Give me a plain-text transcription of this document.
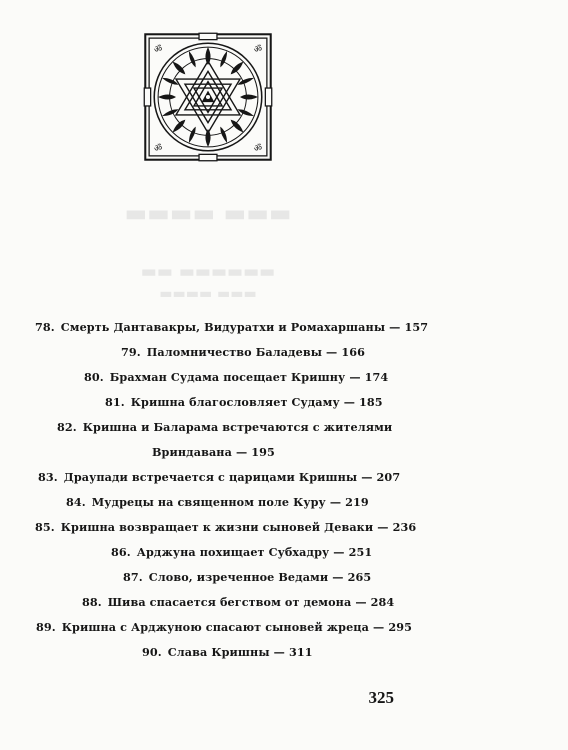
▬▬▬▬ ▬▬▬
▬▬ ▬▬▬▬▬▬
▬▬▬▬ ▬▬▬
ॐ	ॐ
ॐ	ॐ
78. Смерть Дантавакры, Видуратхи и Ромахаршаны — 157
79. Паломничество Баладевы — 166
80. Брахман Судама посещает Кришну — 174
81. Кришна благословляет Судаму — 185
82. Кришна и Баларама встречаются с жителями
Вриндавана — 195
83. Драупади встречается с царицами Кришны — 207
84. Мудрецы на священном поле Куру — 219
85. Кришна возвращает к жизни сыновей Деваки — 236
86. Арджуна похищает Субхадру — 251
87. Слово, изреченное Ведами — 265
88. Шива спасается бегством от демона — 284
89. Кришна с Арджуною спасают сыновей жреца — 295
90. Слава Кришны — 311
325
